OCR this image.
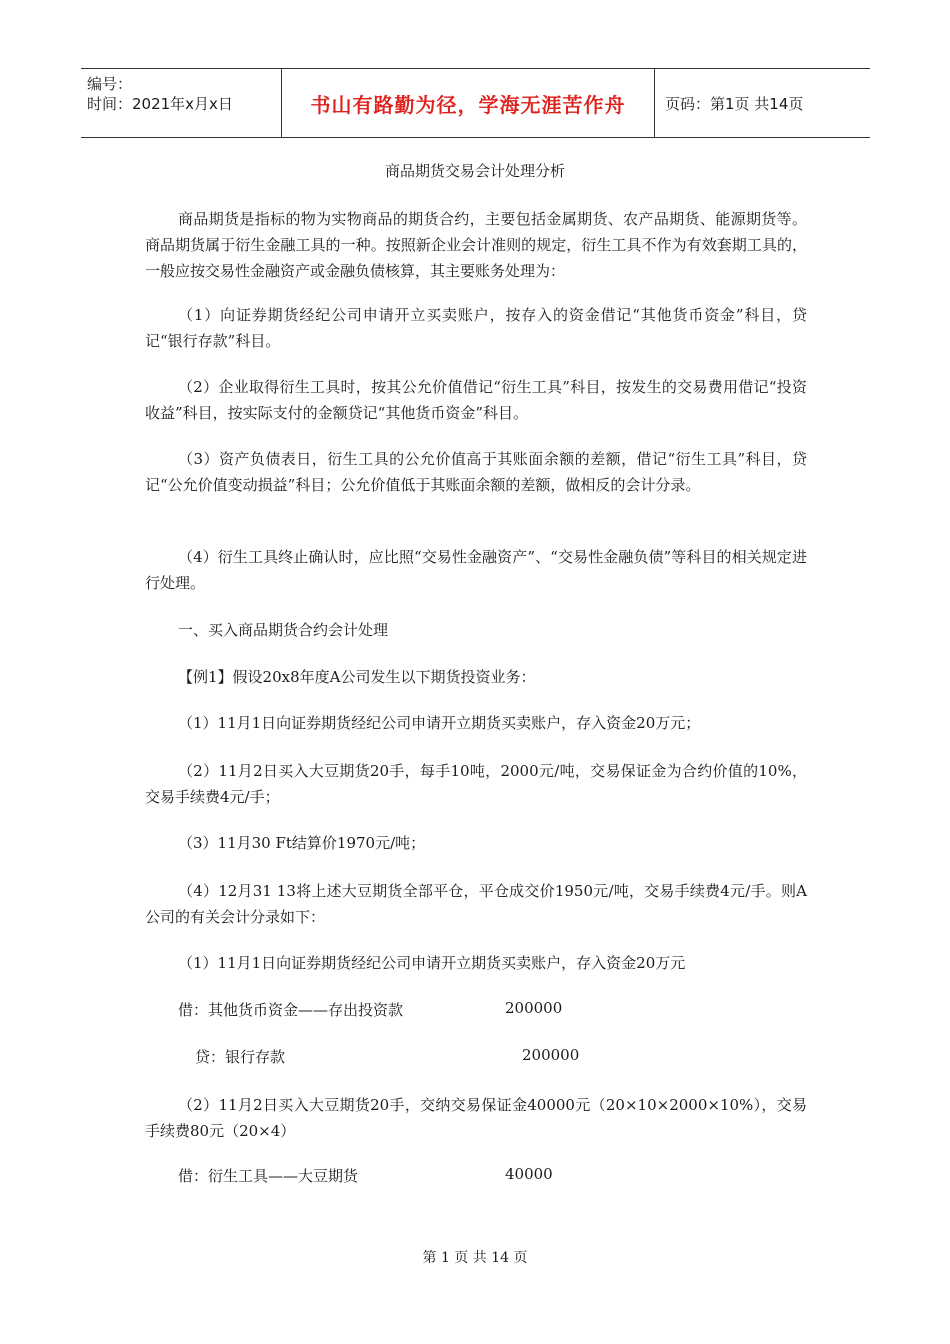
编号：
时间：2021年x月x日	书山有路勤为径，学海无涯苦作舟	页码：第1页 共14页
商品期货交易会计处理分析

商品期货是指标的物为实物商品的期货合约，主要包括金属期货、农产品期货、能源期货等。商品期货属于衍生金融工具的一种。按照新企业会计准则的规定，衍生工具不作为有效套期工具的，一般应按交易性金融资产或金融负债核算，其主要账务处理为：

（1）向证券期货经纪公司申请开立买卖账户，按存入的资金借记“其他货币资金”科目，贷记“银行存款”科目。

（2）企业取得衍生工具时，按其公允价值借记“衍生工具”科目，按发生的交易费用借记“投资收益”科目，按实际支付的金额贷记“其他货币资金”科目。

（3）资产负债表日，衍生工具的公允价值高于其账面余额的差额，借记“衍生工具”科目，贷记“公允价值变动损益”科目；公允价值低于其账面余额的差额，做相反的会计分录。

（4）衍生工具终止确认时，应比照“交易性金融资产”、“交易性金融负债”等科目的相关规定进行处理。

一、买入商品期货合约会计处理

【例1】假设20x8年度A公司发生以下期货投资业务：

（1）11月1日向证券期货经纪公司申请开立期货买卖账户，存入资金20万元；

（2）11月2日买入大豆期货20手，每手10吨，2000元/吨，交易保证金为合约价值的10%，交易手续费4元/手；

（3）11月30 Ft结算价1970元/吨；

（4）12月31 13将上述大豆期货全部平仓，平仓成交价1950元/吨，交易手续费4元/手。则A公司的有关会计分录如下：

（1）11月1日向证券期货经纪公司申请开立期货买卖账户，存入资金20万元

借：其他货币资金——存出投资款	200000
贷：银行存款	200000

（2）11月2日买入大豆期货20手，交纳交易保证金40000元（20×10×2000×10%），交易手续费80元（20×4）

借：衍生工具——大豆期货	40000
第 1 页 共 14 页
